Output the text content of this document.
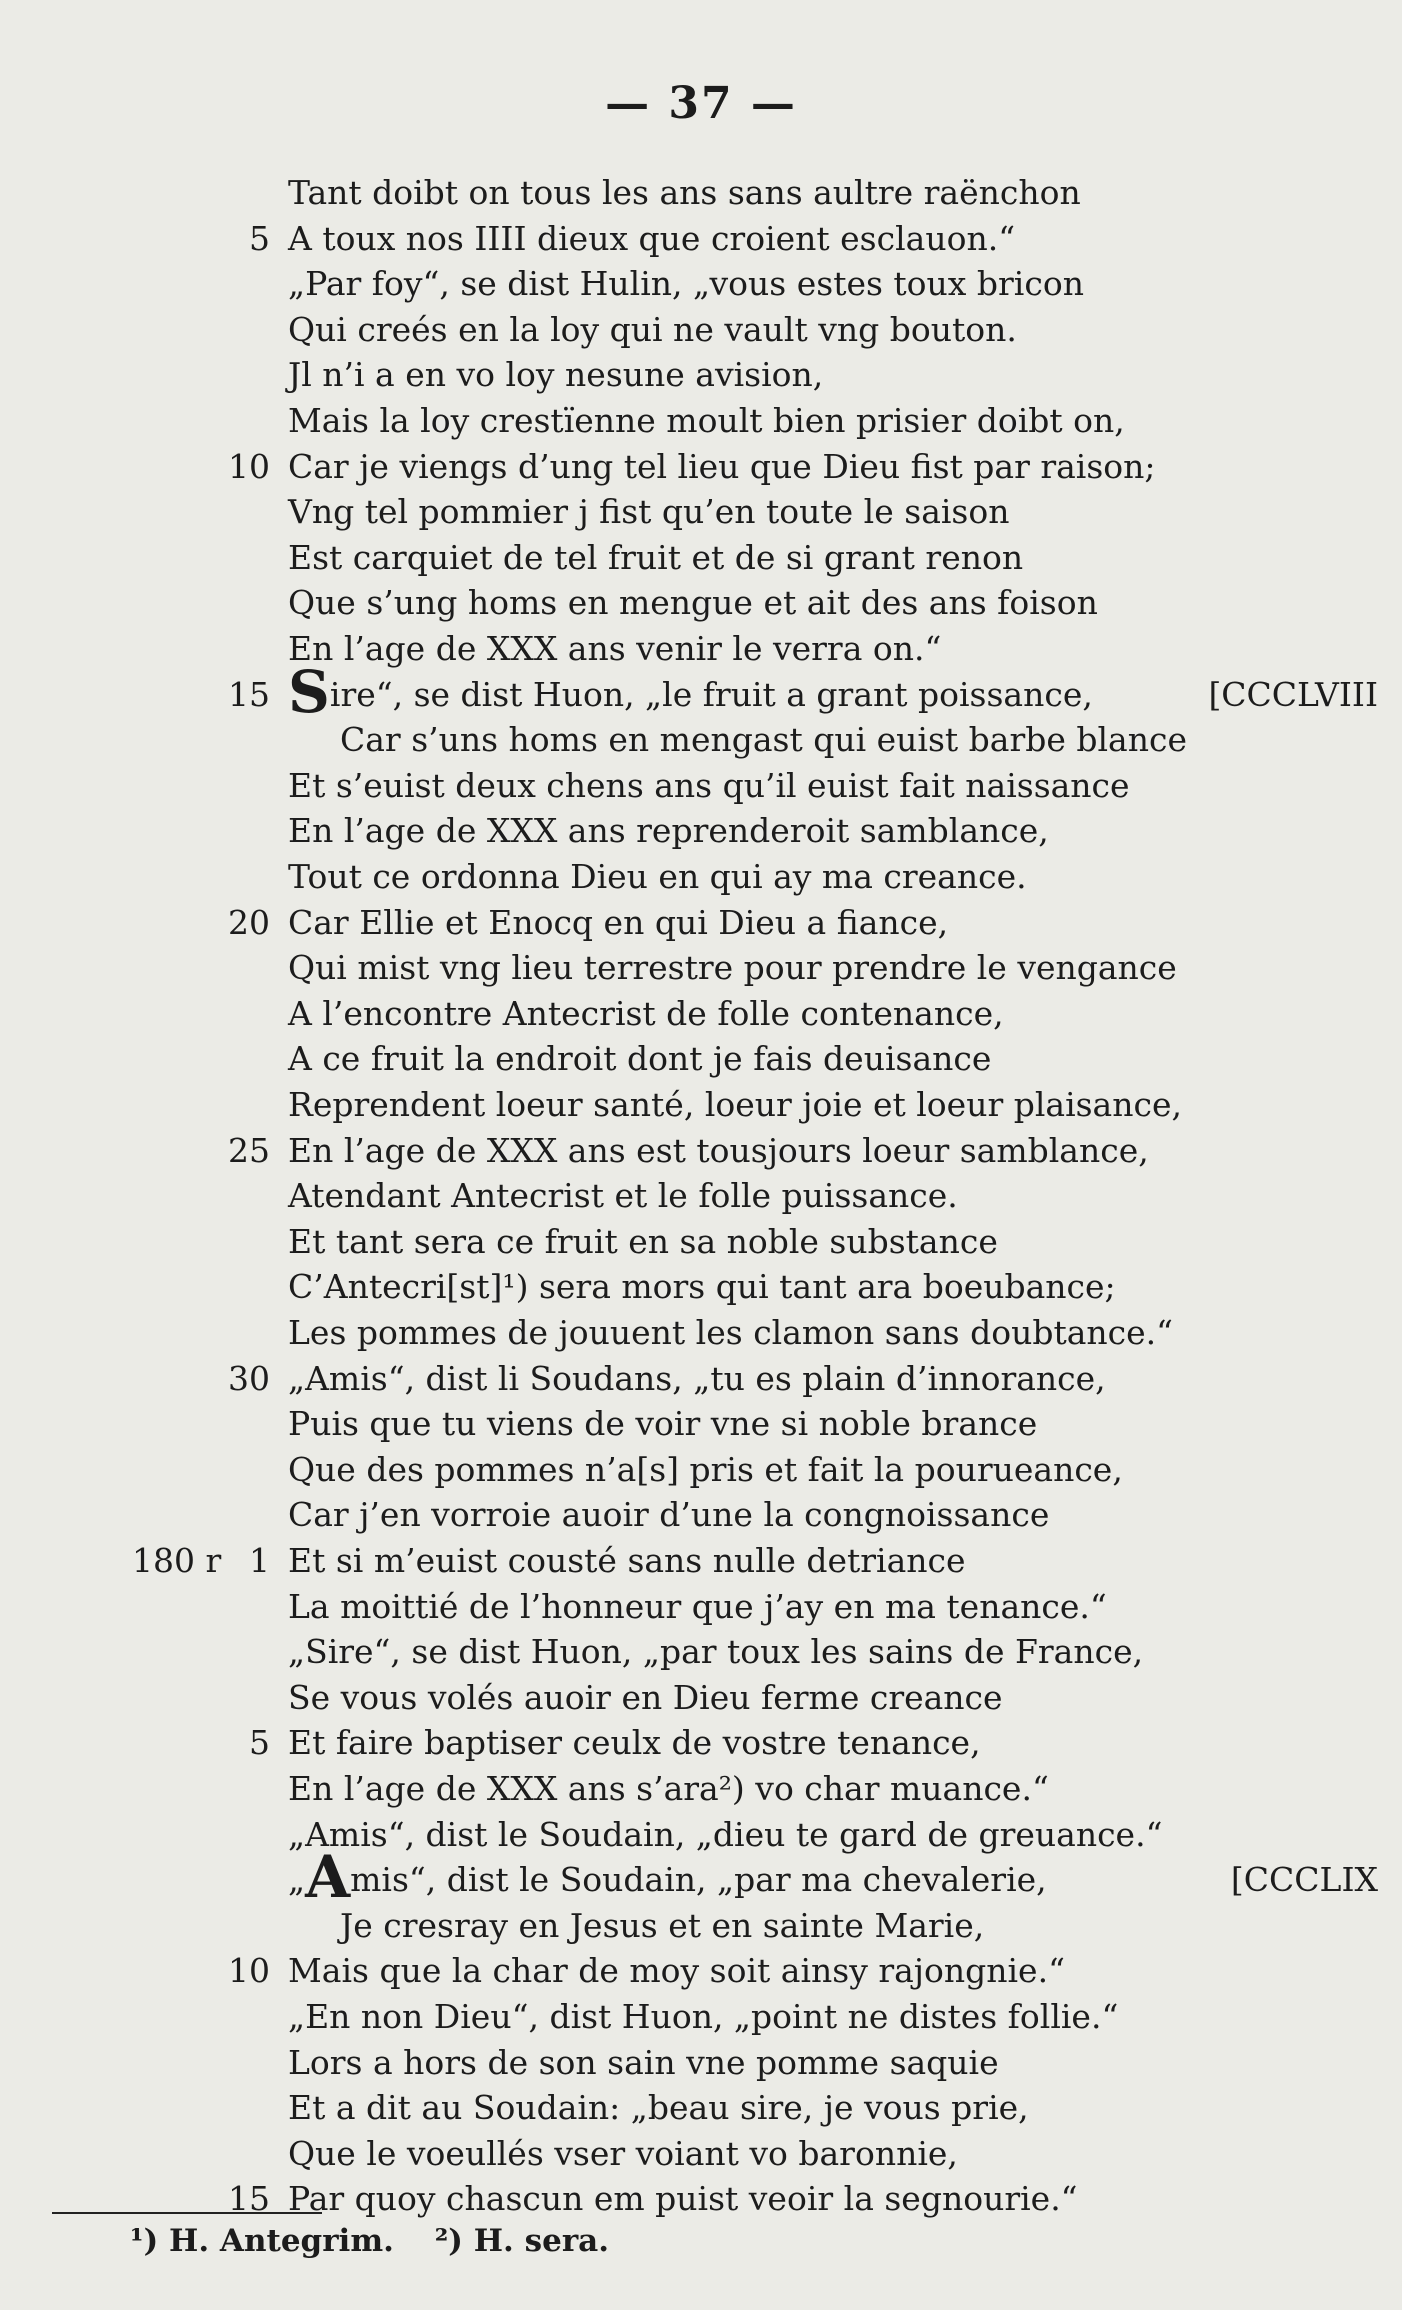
— 37 —
Tant doibt on tous les ans sans aultre raënchon
5 A toux nos IIII dieux que croient esclauon.“
„Par foy“, se dist Hulin, „vous estes toux bricon
Qui creés en la loy qui ne vault vng bouton.
Jl n’i a en vo loy nesune avision,
Mais la loy crestïenne moult bien prisier doibt on,
10 Car je viengs d’ung tel lieu que Dieu fist par raison;
Vng tel pommier j fist qu’en toute le saison
Est carquiet de tel fruit et de si grant renon
Que s’ung homs en mengue et ait des ans foison
En l’age de XXX ans venir le verra on.“
15 Sire“, se dist Huon, „le fruit a grant poissance,	[CCCLVIII
Car s’uns homs en mengast qui euist barbe blance
Et s’euist deux chens ans qu’il euist fait naissance
En l’age de XXX ans reprenderoit samblance,
Tout ce ordonna Dieu en qui ay ma creance.
20 Car Ellie et Enocq en qui Dieu a fiance,
Qui mist vng lieu terrestre pour prendre le vengance
A l’encontre Antecrist de folle contenance,
A ce fruit la endroit dont je fais deuisance
Reprendent loeur santé, loeur joie et loeur plaisance,
25 En l’age de XXX ans est tousjours loeur samblance,
Atendant Antecrist et le folle puissance.
Et tant sera ce fruit en sa noble substance
C’Antecri[st]¹) sera mors qui tant ara boeubance;
Les pommes de jouuent les clamon sans doubtance.“
30 „Amis“, dist li Soudans, „tu es plain d’innorance,
Puis que tu viens de voir vne si noble brance
Que des pommes n’a[s] pris et fait la pourueance,
Car j’en vorroie auoir d’une la congnoissance
180 r 1 Et si m’euist cousté sans nulle detriance
La moittié de l’honneur que j’ay en ma tenance.“
„Sire“, se dist Huon, „par toux les sains de France,
Se vous volés auoir en Dieu ferme creance
5 Et faire baptiser ceulx de vostre tenance,
En l’age de XXX ans s’ara²) vo char muance.“
„Amis“, dist le Soudain, „dieu te gard de greuance.“
„Amis“, dist le Soudain, „par ma chevalerie,	[CCCLIX
Je cresray en Jesus et en sainte Marie,
10 Mais que la char de moy soit ainsy rajongnie.“
„En non Dieu“, dist Huon, „point ne distes follie.“
Lors a hors de son sain vne pomme saquie
Et a dit au Soudain: „beau sire, je vous prie,
Que le voeullés vser voiant vo baronnie,
15 Par quoy chascun em puist veoir la segnourie.“
¹) H. Antegrim. ²) H. sera.
